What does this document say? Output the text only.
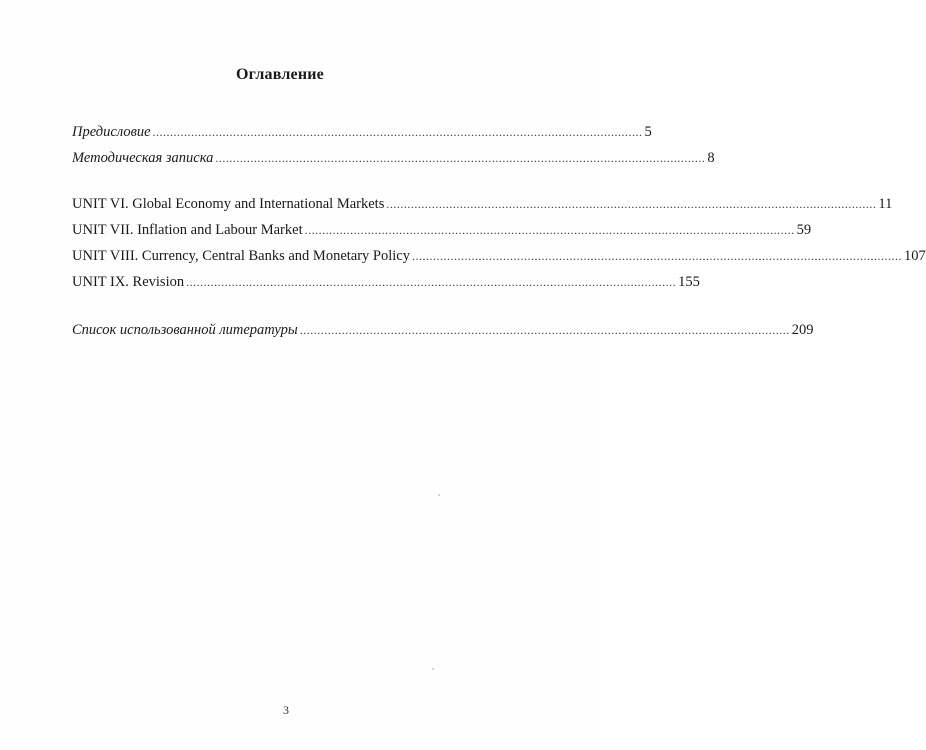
Оглавление
Предисловие ............................................................................................................................................ 5
Методическая записка ............................................................................................................................................ 8
UNIT VI. Global Economy and International Markets ............................................................................................................................................ 11
UNIT VII. Inflation and Labour Market ............................................................................................................................................ 59
UNIT VIII. Currency, Central Banks and Monetary Policy ............................................................................................................................................ 107
UNIT IX. Revision ............................................................................................................................................ 155
Список использованной литературы ............................................................................................................................................ 209
3
